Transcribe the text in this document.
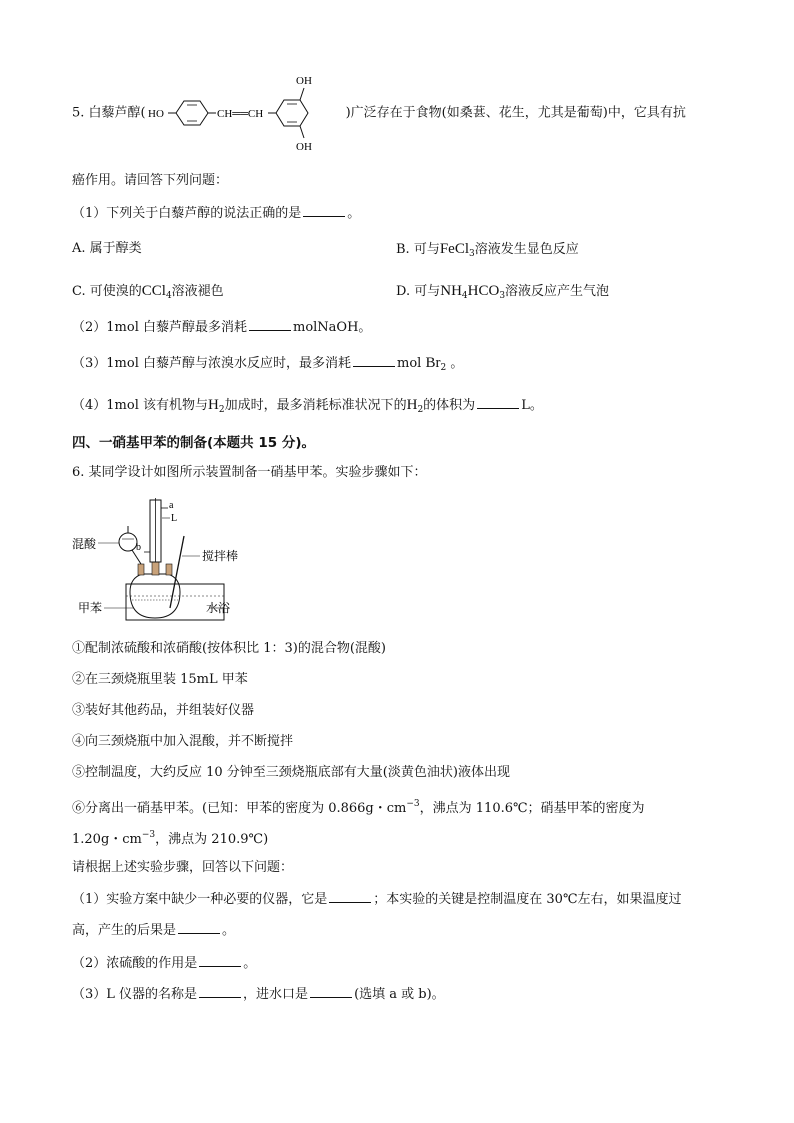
5. 白藜芦醇( HO	CH══CH
OH
OH
)广泛存在于食物(如桑葚、花生，尤其是葡萄)中，它具有抗
癌作用。请回答下列问题：
（1）下列关于白藜芦醇的说法正确的是	。
A. 属于醇类	B. 可与FeCl$_3$溶液发生显色反应
C. 可使溴的CCl$_4$溶液褪色	D. 可与$NH_4HCO_3$溶液反应产生气泡
（2）1mol 白藜芦醇最多消耗	molNaOH。
（3）1mol 白藜芦醇与浓溴水反应时，最多消耗	mol $Br_2$ 。
（4）1mol 该有机物与$H_2$加成时，最多消耗标准状况下的$H_2$的体积为	L。
四、一硝基甲苯的制备(本题共 15 分)。
6. 某同学设计如图所示装置制备一硝基甲苯。实验步骤如下：
a
L
b
混酸
搅拌棒
甲苯	水浴
①配制浓硫酸和浓硝酸(按体积比 1：3)的混合物(混酸)
②在三颈烧瓶里装 15mL 甲苯
③装好其他药品，并组装好仪器
④向三颈烧瓶中加入混酸，并不断搅拌
⑤控制温度，大约反应 10 分钟至三颈烧瓶底部有大量(淡黄色油状)液体出现
⑥分离出一硝基甲苯。(已知：甲苯的密度为 0.866g・$cm^{-3}$，沸点为 110.6℃；硝基甲苯的密度为
1.20g・$cm^{-3}$，沸点为 210.9℃)
请根据上述实验步骤，回答以下问题：
（1）实验方案中缺少一种必要的仪器，它是	；本实验的关键是控制温度在 30℃左右，如果温度过
高，产生的后果是	。
（2）浓硫酸的作用是	。
（3）L 仪器的名称是	，进水口是	(选填 a 或 b)。
